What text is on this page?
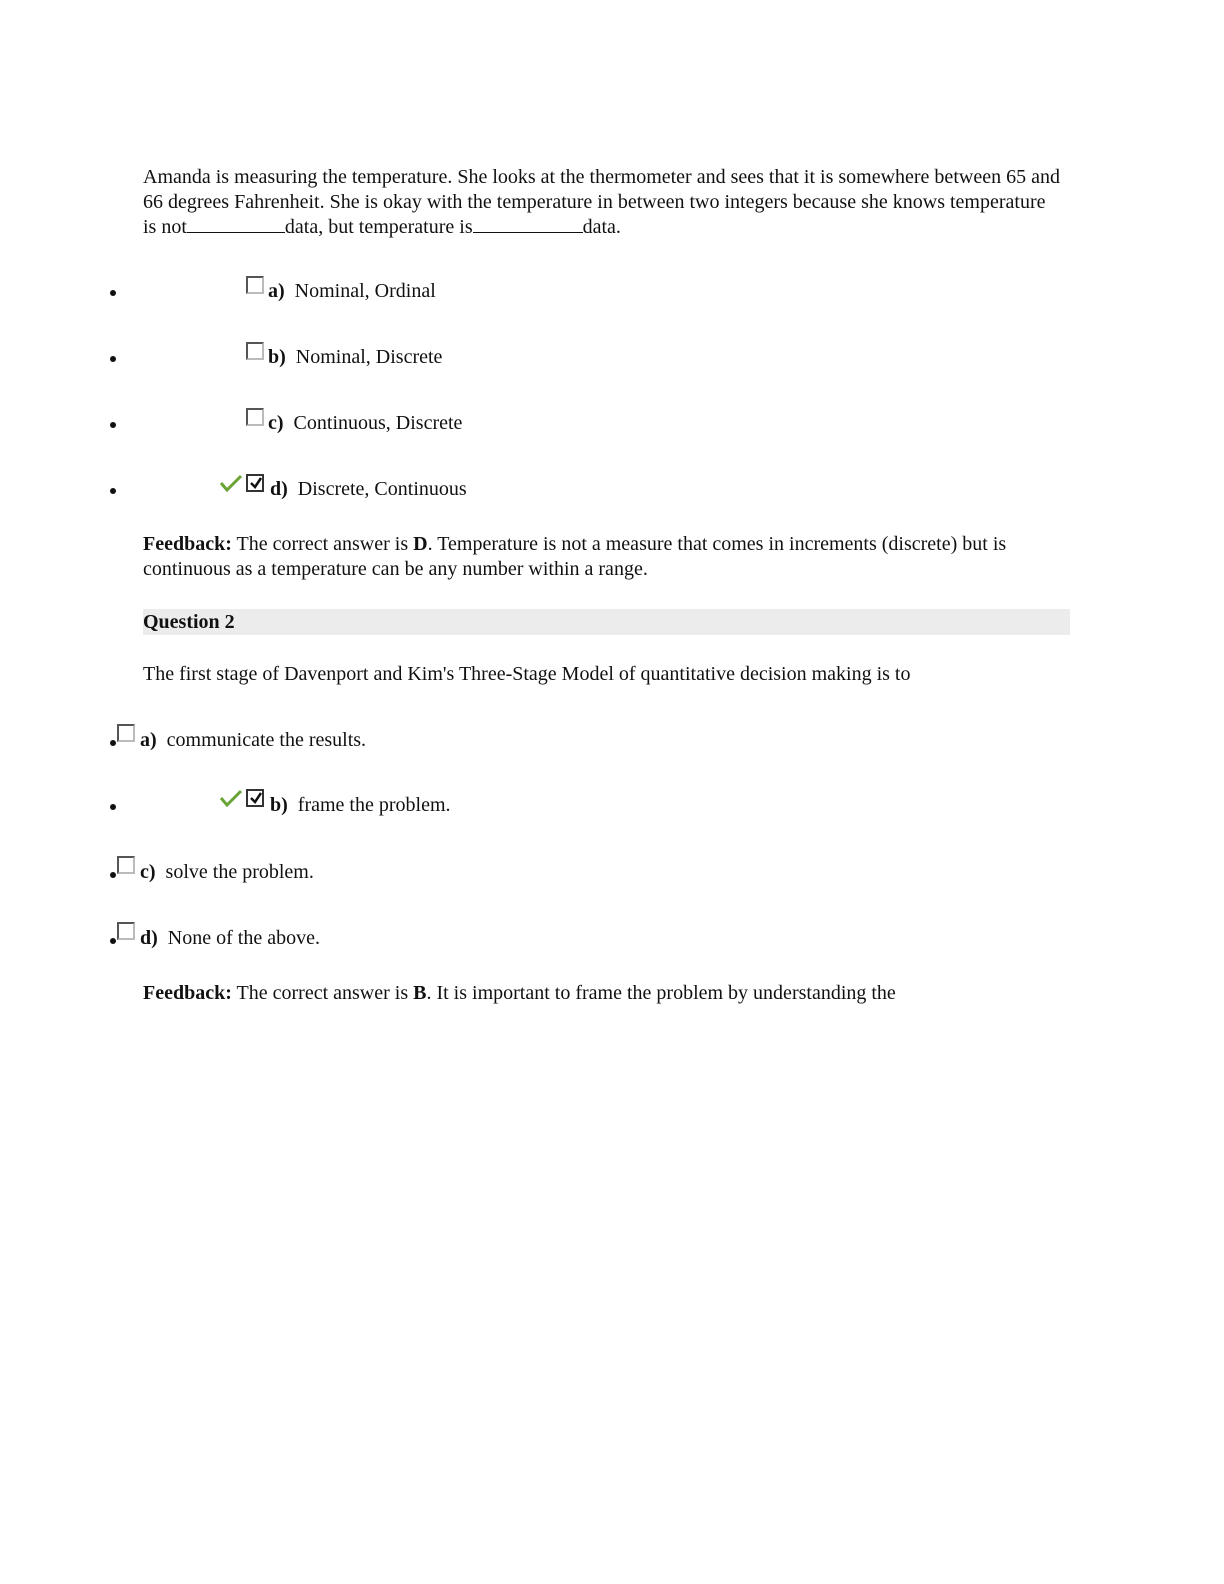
Amanda is measuring the temperature. She looks at the thermometer and sees that it is somewhere between 65 and 66 degrees Fahrenheit. She is okay with the temperature in between two integers because she knows temperature is not	data, but temperature is	data.
a) Nominal, Ordinal
b) Nominal, Discrete
c) Continuous, Discrete
d) Discrete, Continuous
Feedback: The correct answer is D. Temperature is not a measure that comes in increments (discrete) but is continuous as a temperature can be any number within a range.
Question 2
The first stage of Davenport and Kim's Three-Stage Model of quantitative decision making is to
a) communicate the results.
b) frame the problem.
c) solve the problem.
d) None of the above.
Feedback: The correct answer is B. It is important to frame the problem by understanding the
